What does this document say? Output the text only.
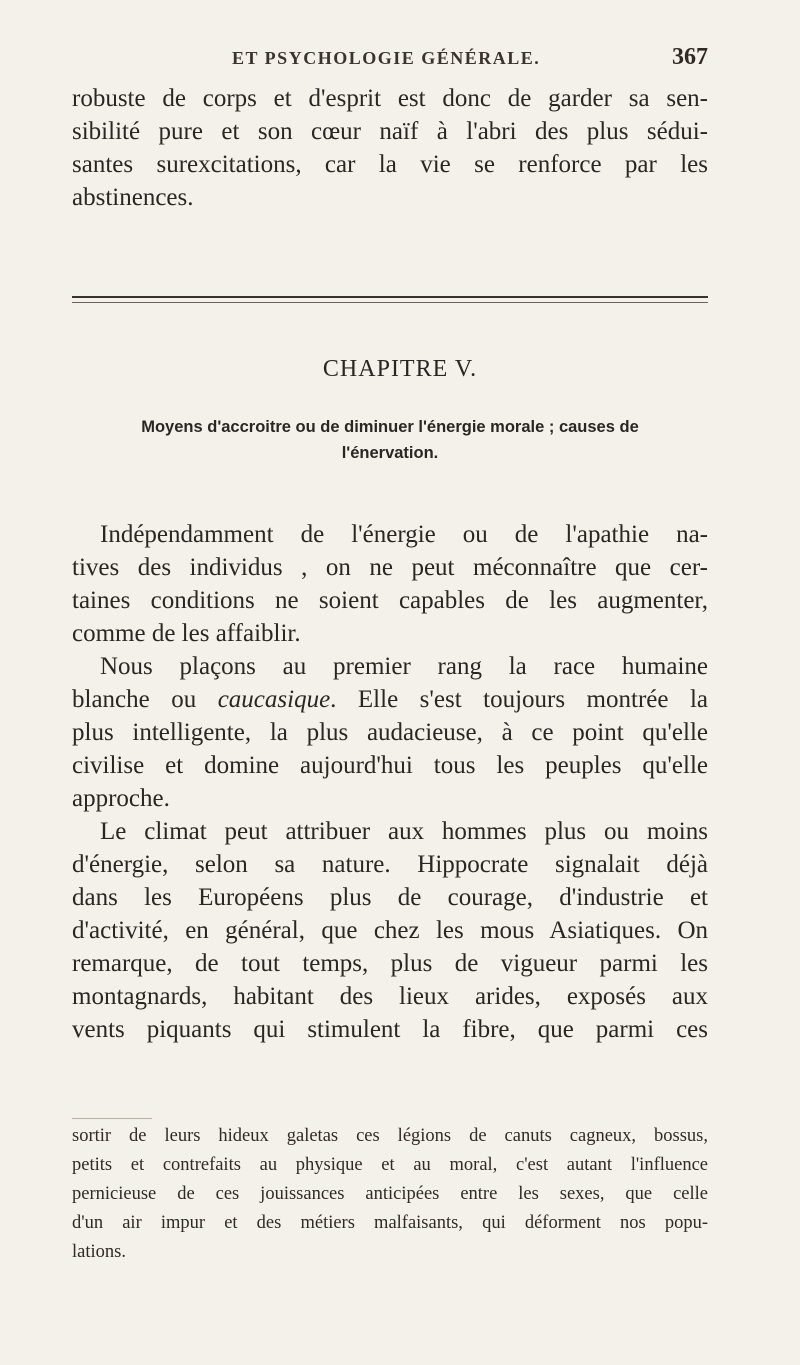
ET PSYCHOLOGIE GÉNÉRALE.	367
robuste de corps et d'esprit est donc de garder sa sen-
sibilité pure et son cœur naïf à l'abri des plus sédui-
santes surexcitations, car la vie se renforce par les
abstinences.
CHAPITRE V.
Moyens d'accroitre ou de diminuer l'énergie morale ; causes de
l'énervation.
Indépendamment de l'énergie ou de l'apathie na-
tives des individus , on ne peut méconnaître que cer-
taines conditions ne soient capables de les augmenter,
comme de les affaiblir.
Nous plaçons au premier rang la race humaine
blanche ou caucasique. Elle s'est toujours montrée la
plus intelligente, la plus audacieuse, à ce point qu'elle
civilise et domine aujourd'hui tous les peuples qu'elle
approche.
Le climat peut attribuer aux hommes plus ou moins
d'énergie, selon sa nature. Hippocrate signalait déjà
dans les Européens plus de courage, d'industrie et
d'activité, en général, que chez les mous Asiatiques. On
remarque, de tout temps, plus de vigueur parmi les
montagnards, habitant des lieux arides, exposés aux
vents piquants qui stimulent la fibre, que parmi ces
sortir de leurs hideux galetas ces légions de canuts cagneux, bossus,
petits et contrefaits au physique et au moral, c'est autant l'influence
pernicieuse de ces jouissances anticipées entre les sexes, que celle
d'un air impur et des métiers malfaisants, qui déforment nos popu-
lations.
